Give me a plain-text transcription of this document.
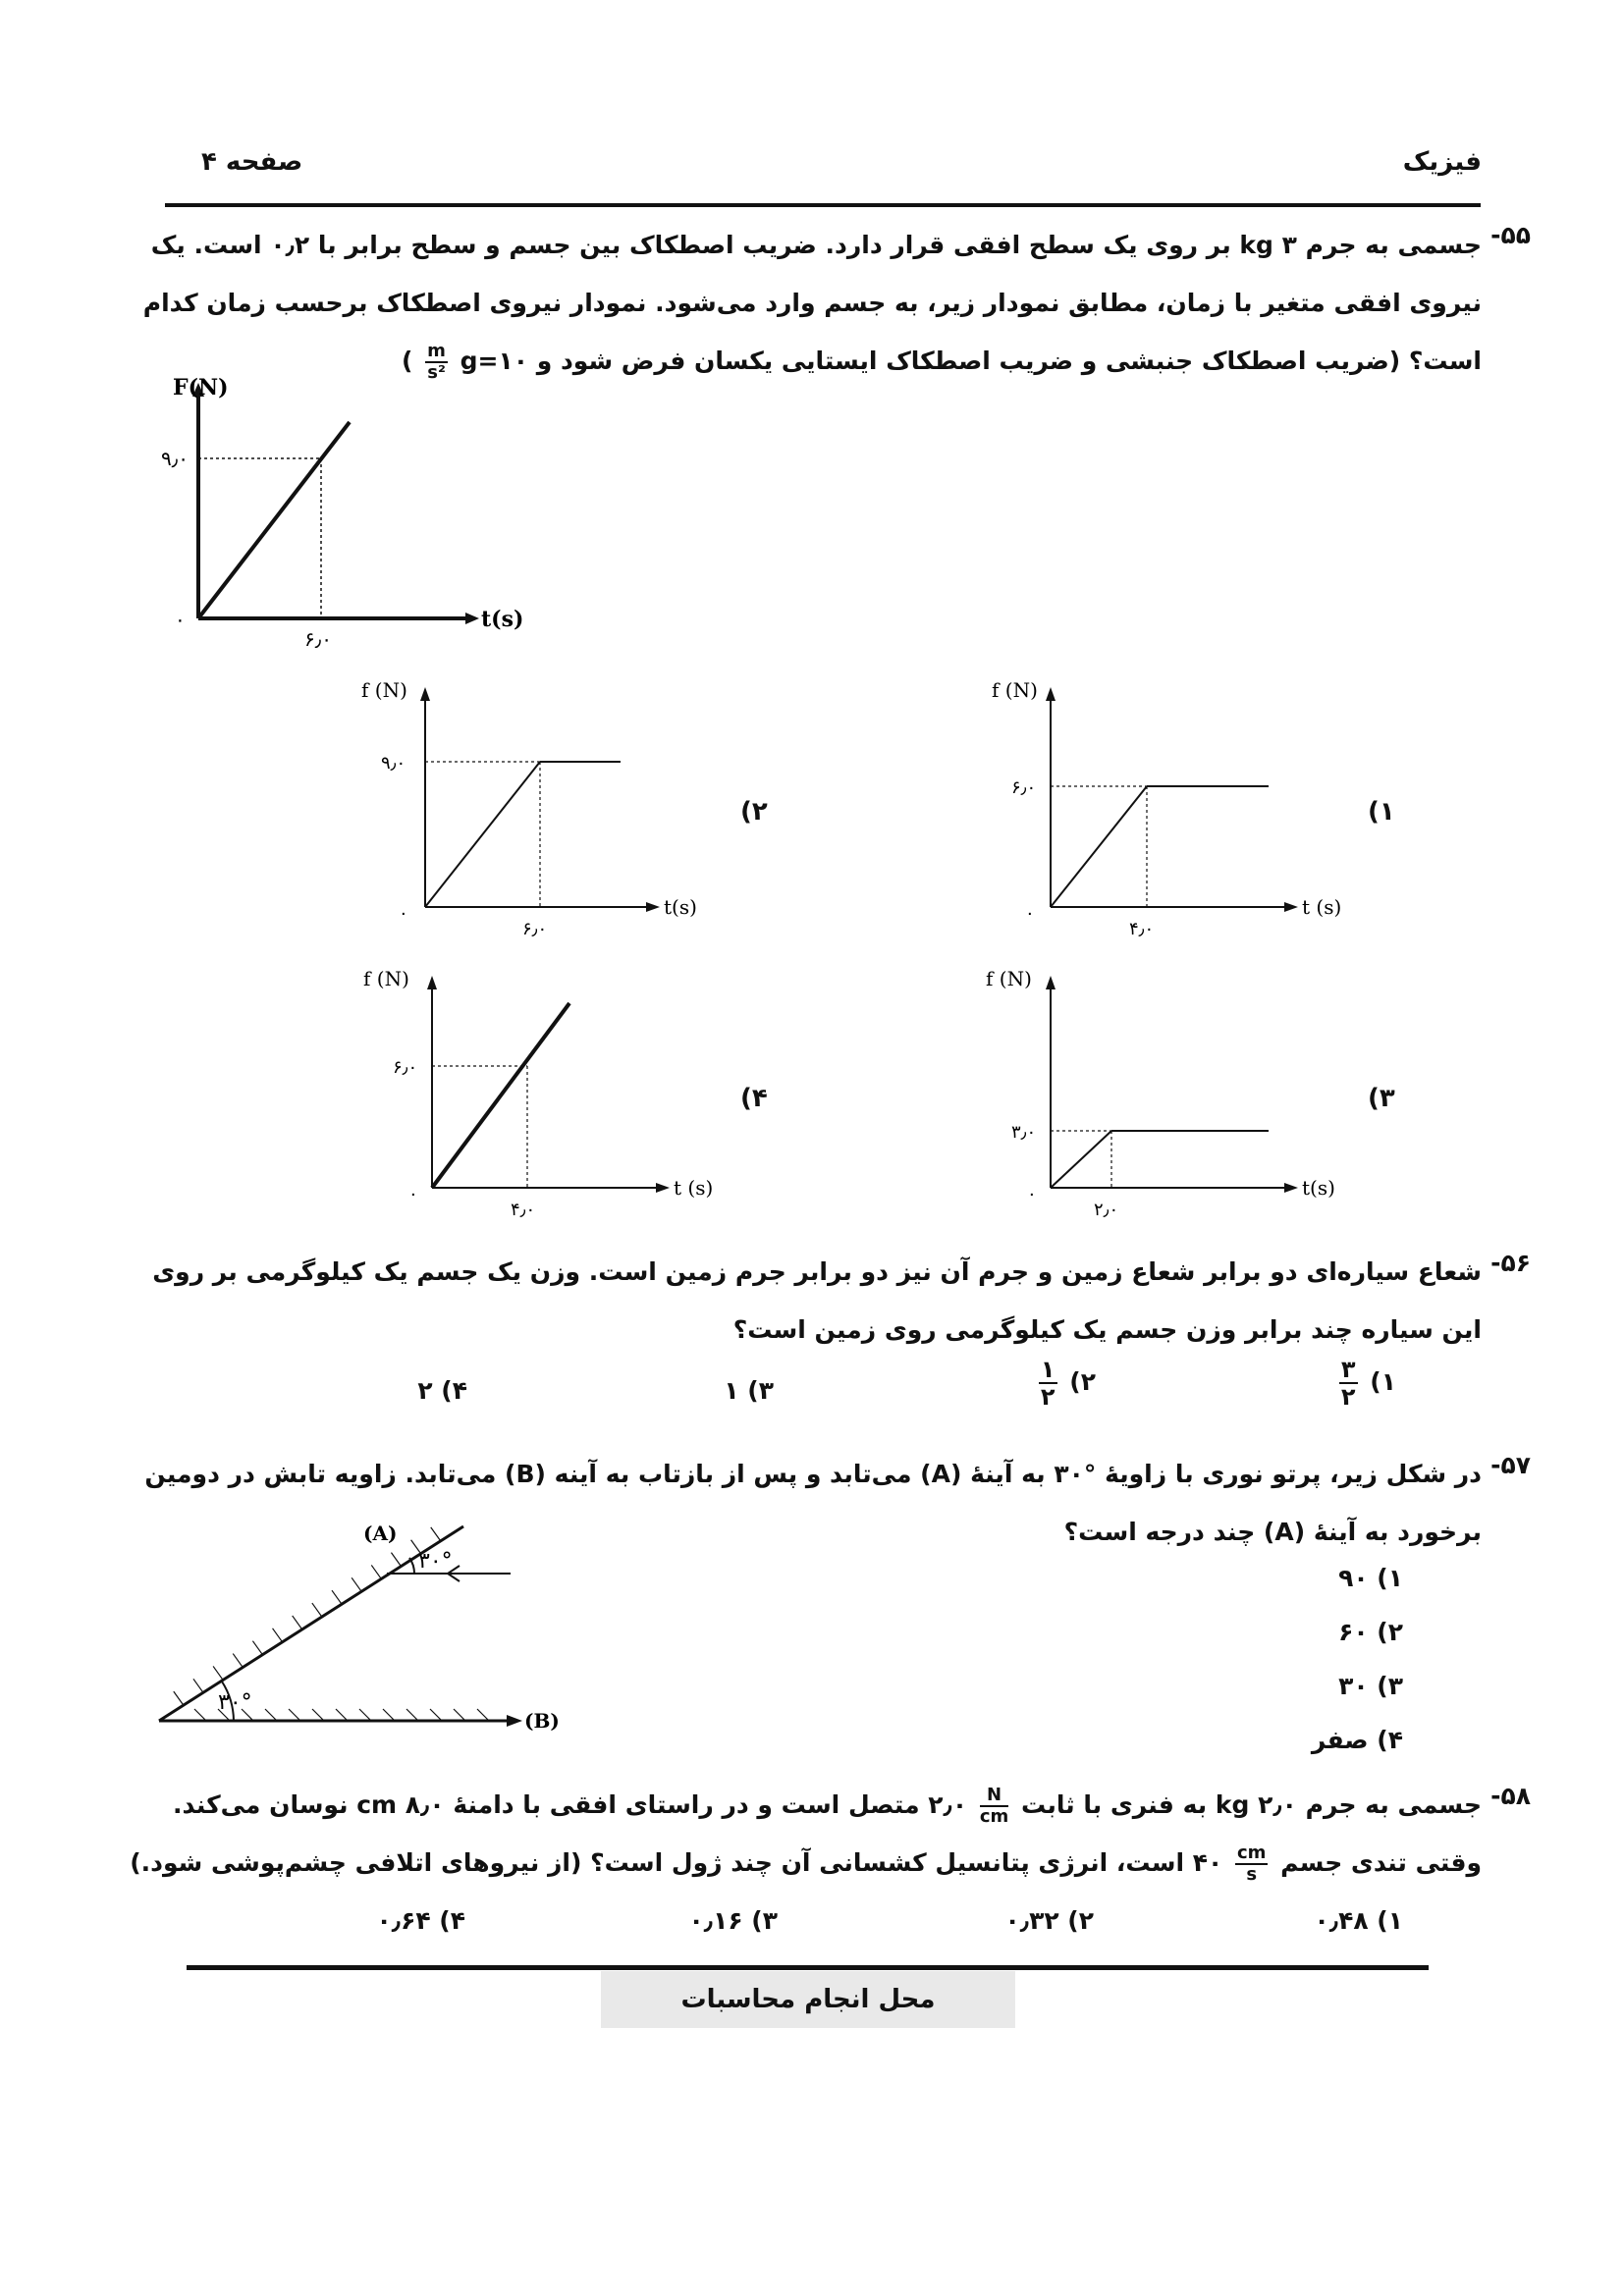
فیزیک
صفحه ۴
۵۵-
جسمی به جرم ۳ kg بر روی یک سطح افقی قرار دارد. ضریب اصطکاک بین جسم و سطح برابر با ۰٫۲ است. یک
نیروی افقی متغیر با زمان، مطابق نمودار زیر، به جسم وارد می‌شود. نمودار نیروی اصطکاک برحسب زمان کدام
است؟ (ضریب اصطکاک جنبشی و ضریب اصطکاک ایستایی یکسان فرض شود و g=۱۰
$\frac{m}{\text{s²}}$
)
F(N)
t(s)
۹٫۰
۶٫۰
۰
f (N)
t(s)
۹٫۰
۶٫۰
۰
۲)
f (N)
t (s)
۶٫۰
۴٫۰
۰
۱)
f (N)
t (s)
۶٫۰
۴٫۰
۰
۴)
f (N)
t(s)
۳٫۰
۲٫۰
۰
۳)
۵۶-
شعاع سیاره‌ای دو برابر شعاع زمین و جرم آن نیز دو برابر جرم زمین است. وزن یک جسم یک کیلوگرمی بر روی
این سیاره چند برابر وزن جسم یک کیلوگرمی روی زمین است؟
۱)
$\frac{۳}{۲}$
۲)
$\frac{۱}{۲}$
۳) ۱
۴) ۲
۵۷-
در شکل زیر، پرتو نوری با زاویهٔ °۳۰ به آینهٔ (A) می‌تابد و پس از بازتاب به آینه (B) می‌تابد. زاویه تابش در دومین
برخورد به آینهٔ (A) چند درجه است؟
۱) ۹۰
۲) ۶۰
۳) ۳۰
۴) صفر
(A)
(B)
۳۰°
۳۰°
۵۸-
جسمی به جرم ۲٫۰ kg به فنری با ثابت
$\frac{N}{cm}$
۲٫۰ متصل است و در راستای افقی با دامنهٔ ۸٫۰ cm نوسان می‌کند.
وقتی تندی جسم
$\frac{cm}{s}$
۴۰ است، انرژی پتانسیل کشسانی آن چند ژول است؟ (از نیروهای اتلافی چشم‌پوشی شود.)
۱) ۰٫۴۸
۲) ۰٫۳۲
۳) ۰٫۱۶
۴) ۰٫۶۴
محل انجام محاسبات
